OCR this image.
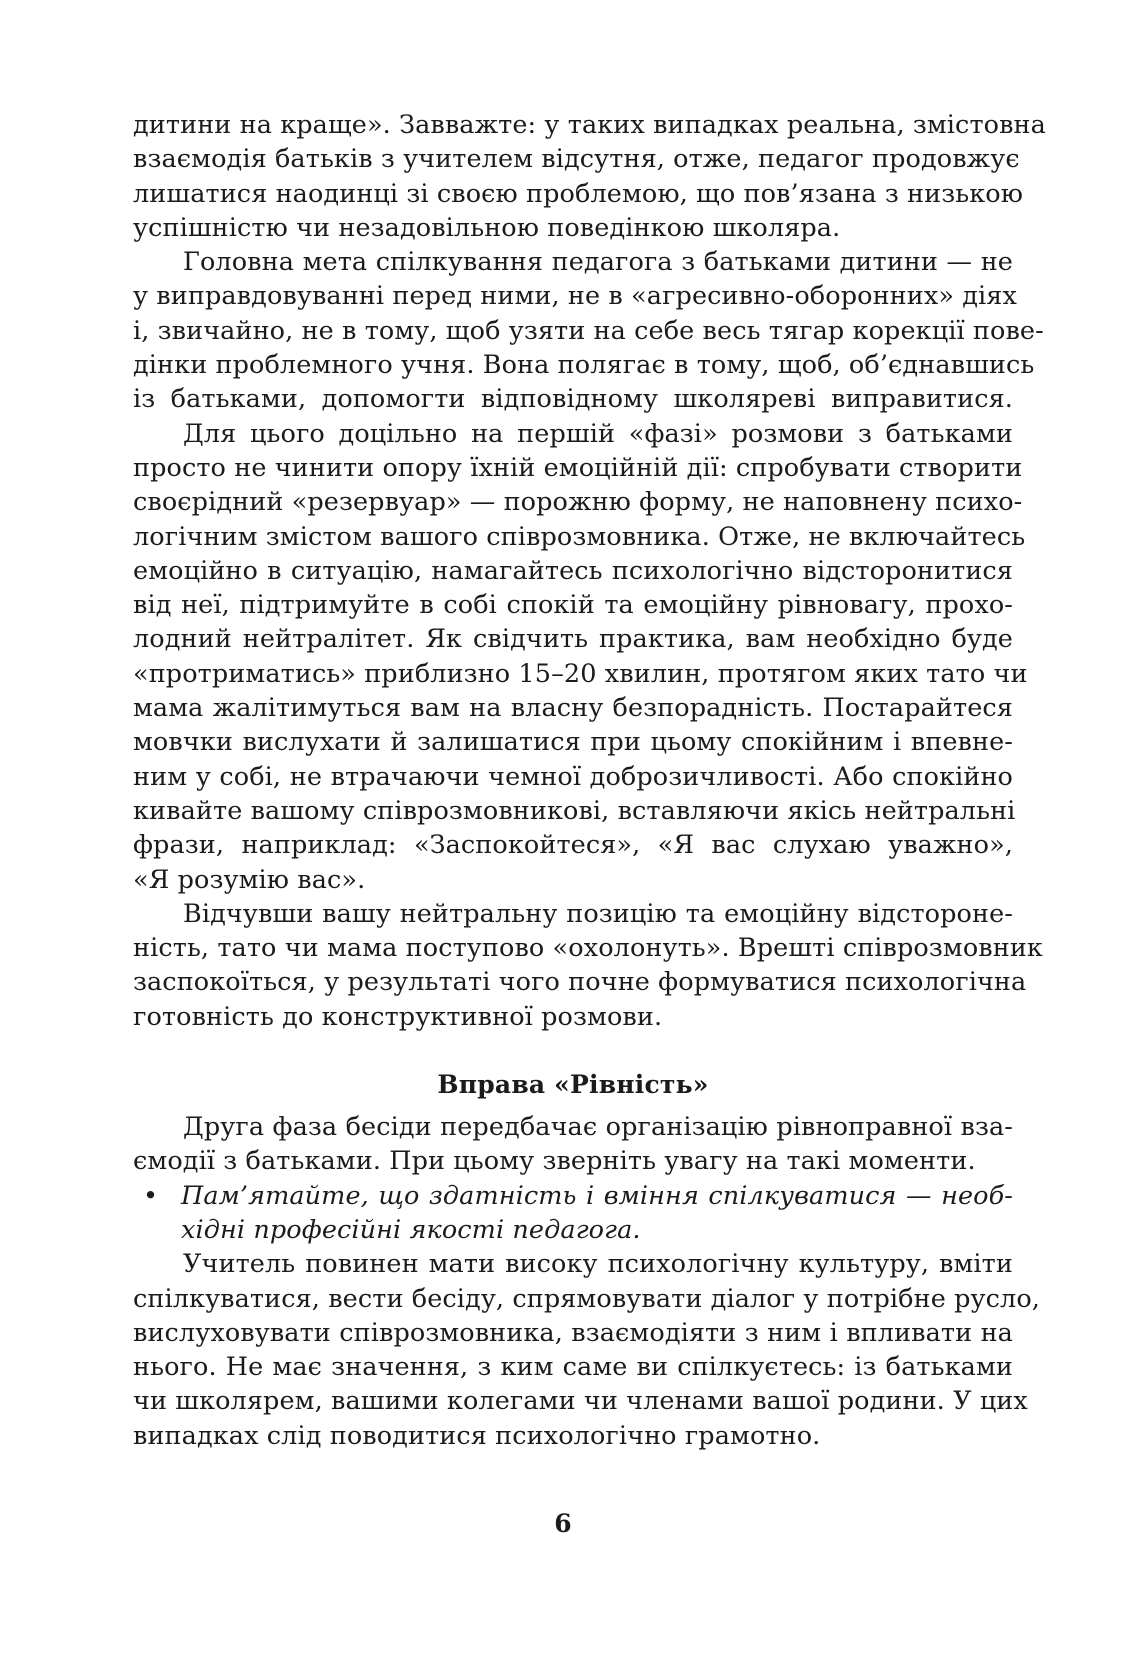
дитини на краще». Завважте: у таких випадках реальна, змістовна
взаємодія батьків з учителем відсутня, отже, педагог продовжує
лишатися наодинці зі своєю проблемою, що пов’язана з низькою
успішністю чи незадовільною поведінкою школяра.
Головна мета спілкування педагога з батьками дитини — не
у виправдовуванні перед ними, не в «агресивно-оборонних» діях
і, звичайно, не в тому, щоб узяти на себе весь тягар корекції пове-
дінки проблемного учня. Вона полягає в тому, щоб, об’єднавшись
із батьками, допомогти відповідному школяреві виправитися.
Для цього доцільно на першій «фазі» розмови з батьками
просто не чинити опору їхній емоційній дії: спробувати створити
своєрідний «резервуар» — порожню форму, не наповнену психо-
логічним змістом вашого співрозмовника. Отже, не включайтесь
емоційно в ситуацію, намагайтесь психологічно відсторонитися
від неї, підтримуйте в собі спокій та емоційну рівновагу, прохо-
лодний нейтралітет. Як свідчить практика, вам необхідно буде
«протриматись» приблизно 15–20 хвилин, протягом яких тато чи
мама жалітимуться вам на власну безпорадність. Постарайтеся
мовчки вислухати й залишатися при цьому спокійним і впевне-
ним у собі, не втрачаючи чемної доброзичливості. Або спокійно
кивайте вашому співрозмовникові, вставляючи якісь нейтральні
фрази, наприклад: «Заспокойтеся», «Я вас слухаю уважно»,
«Я розумію вас».
Відчувши вашу нейтральну позицію та емоційну відстороне-
ність, тато чи мама поступово «охолонуть». Врешті співрозмовник
заспокоїться, у результаті чого почне формуватися психологічна
готовність до конструктивної розмови.
Вправа «Рівність»
Друга фаза бесіди передбачає організацію рівноправної вза-
ємодії з батьками. При цьому зверніть увагу на такі моменти.
• Пам’ятайте, що здатність і вміння спілкуватися — необ-
хідні професійні якості педагога.
Учитель повинен мати високу психологічну культуру, вміти
спілкуватися, вести бесіду, спрямовувати діалог у потрібне русло,
вислуховувати співрозмовника, взаємодіяти з ним і впливати на
нього. Не має значення, з ким саме ви спілкуєтесь: із батьками
чи школярем, вашими колегами чи членами вашої родини. У цих
випадках слід поводитися психологічно грамотно.
6
